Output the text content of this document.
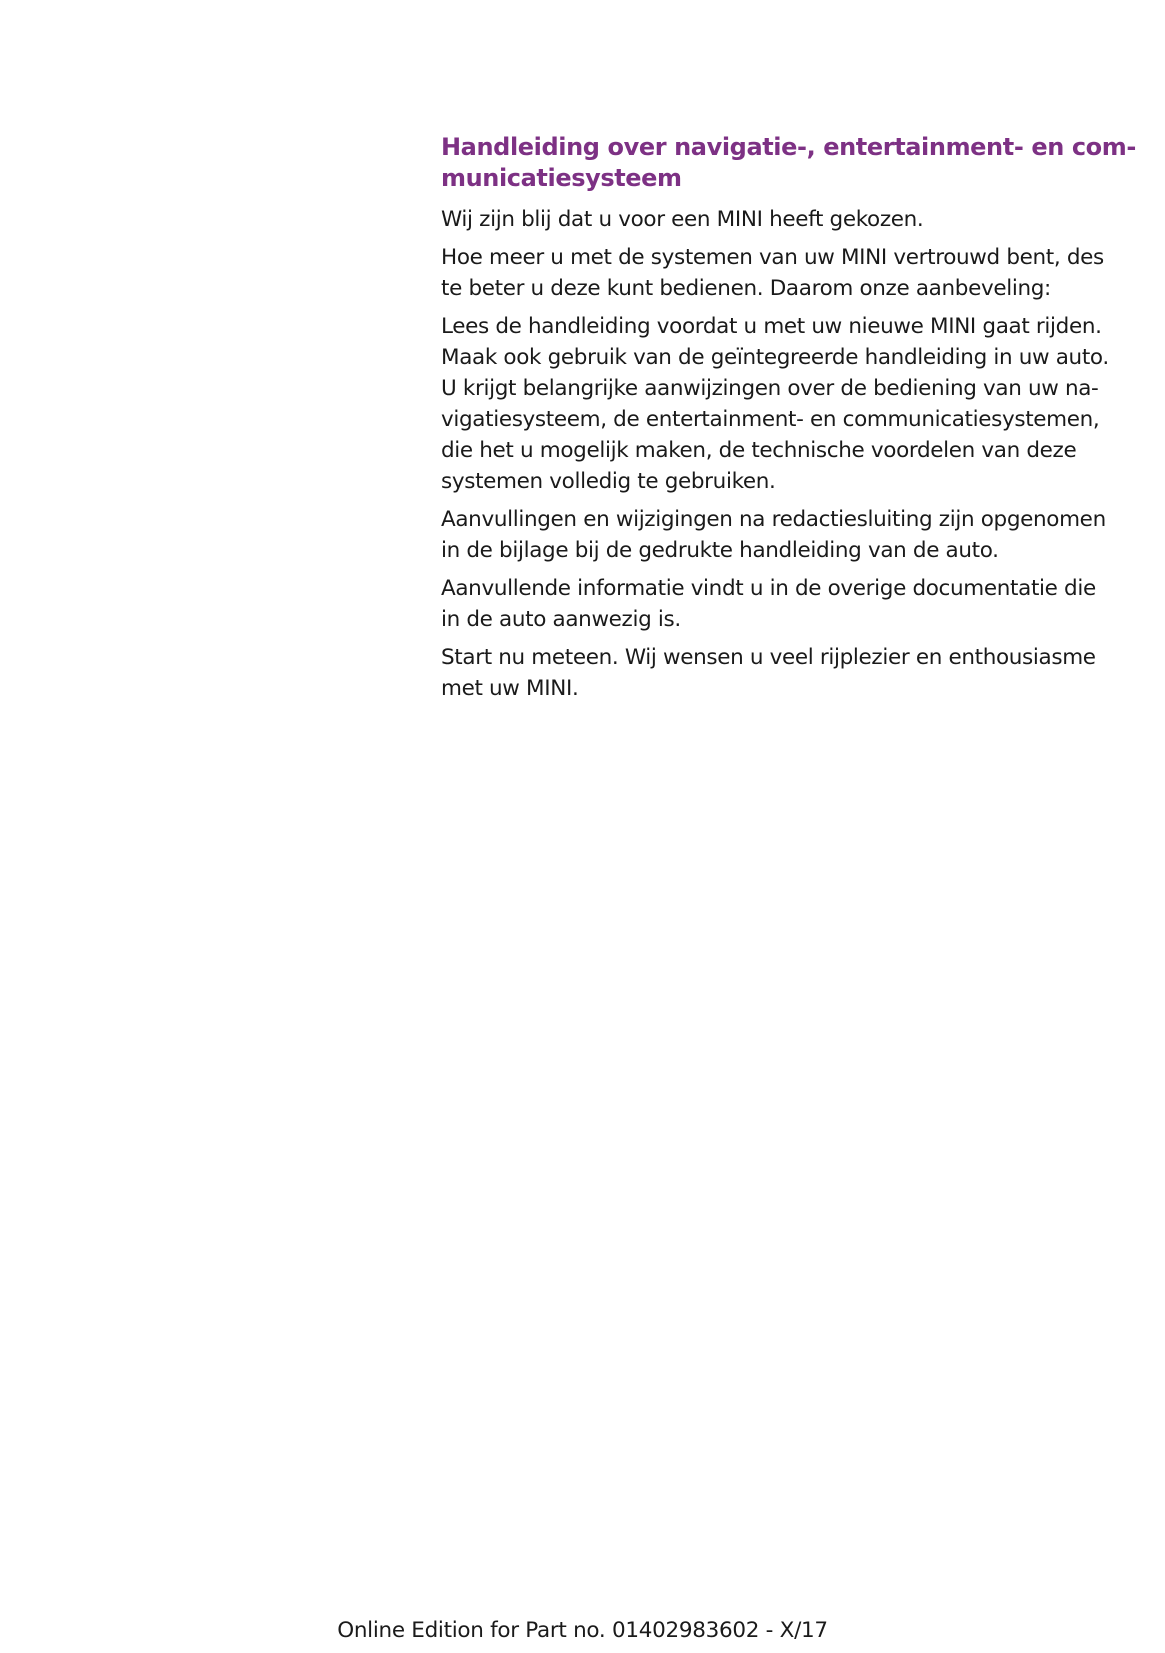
Handleiding over navigatie-, entertainment- en com-
municatiesysteem

Wij zijn blij dat u voor een MINI heeft gekozen.

Hoe meer u met de systemen van uw MINI vertrouwd bent, des
te beter u deze kunt bedienen. Daarom onze aanbeveling:

Lees de handleiding voordat u met uw nieuwe MINI gaat rijden.
Maak ook gebruik van de geïntegreerde handleiding in uw auto.
U krijgt belangrijke aanwijzingen over de bediening van uw na-
vigatiesysteem, de entertainment- en communicatiesystemen,
die het u mogelijk maken, de technische voordelen van deze
systemen volledig te gebruiken.

Aanvullingen en wijzigingen na redactiesluiting zijn opgenomen
in de bijlage bij de gedrukte handleiding van de auto.

Aanvullende informatie vindt u in de overige documentatie die
in de auto aanwezig is.

Start nu meteen. Wij wensen u veel rijplezier en enthousiasme
met uw MINI.

Online Edition for Part no. 01402983602 - X/17
